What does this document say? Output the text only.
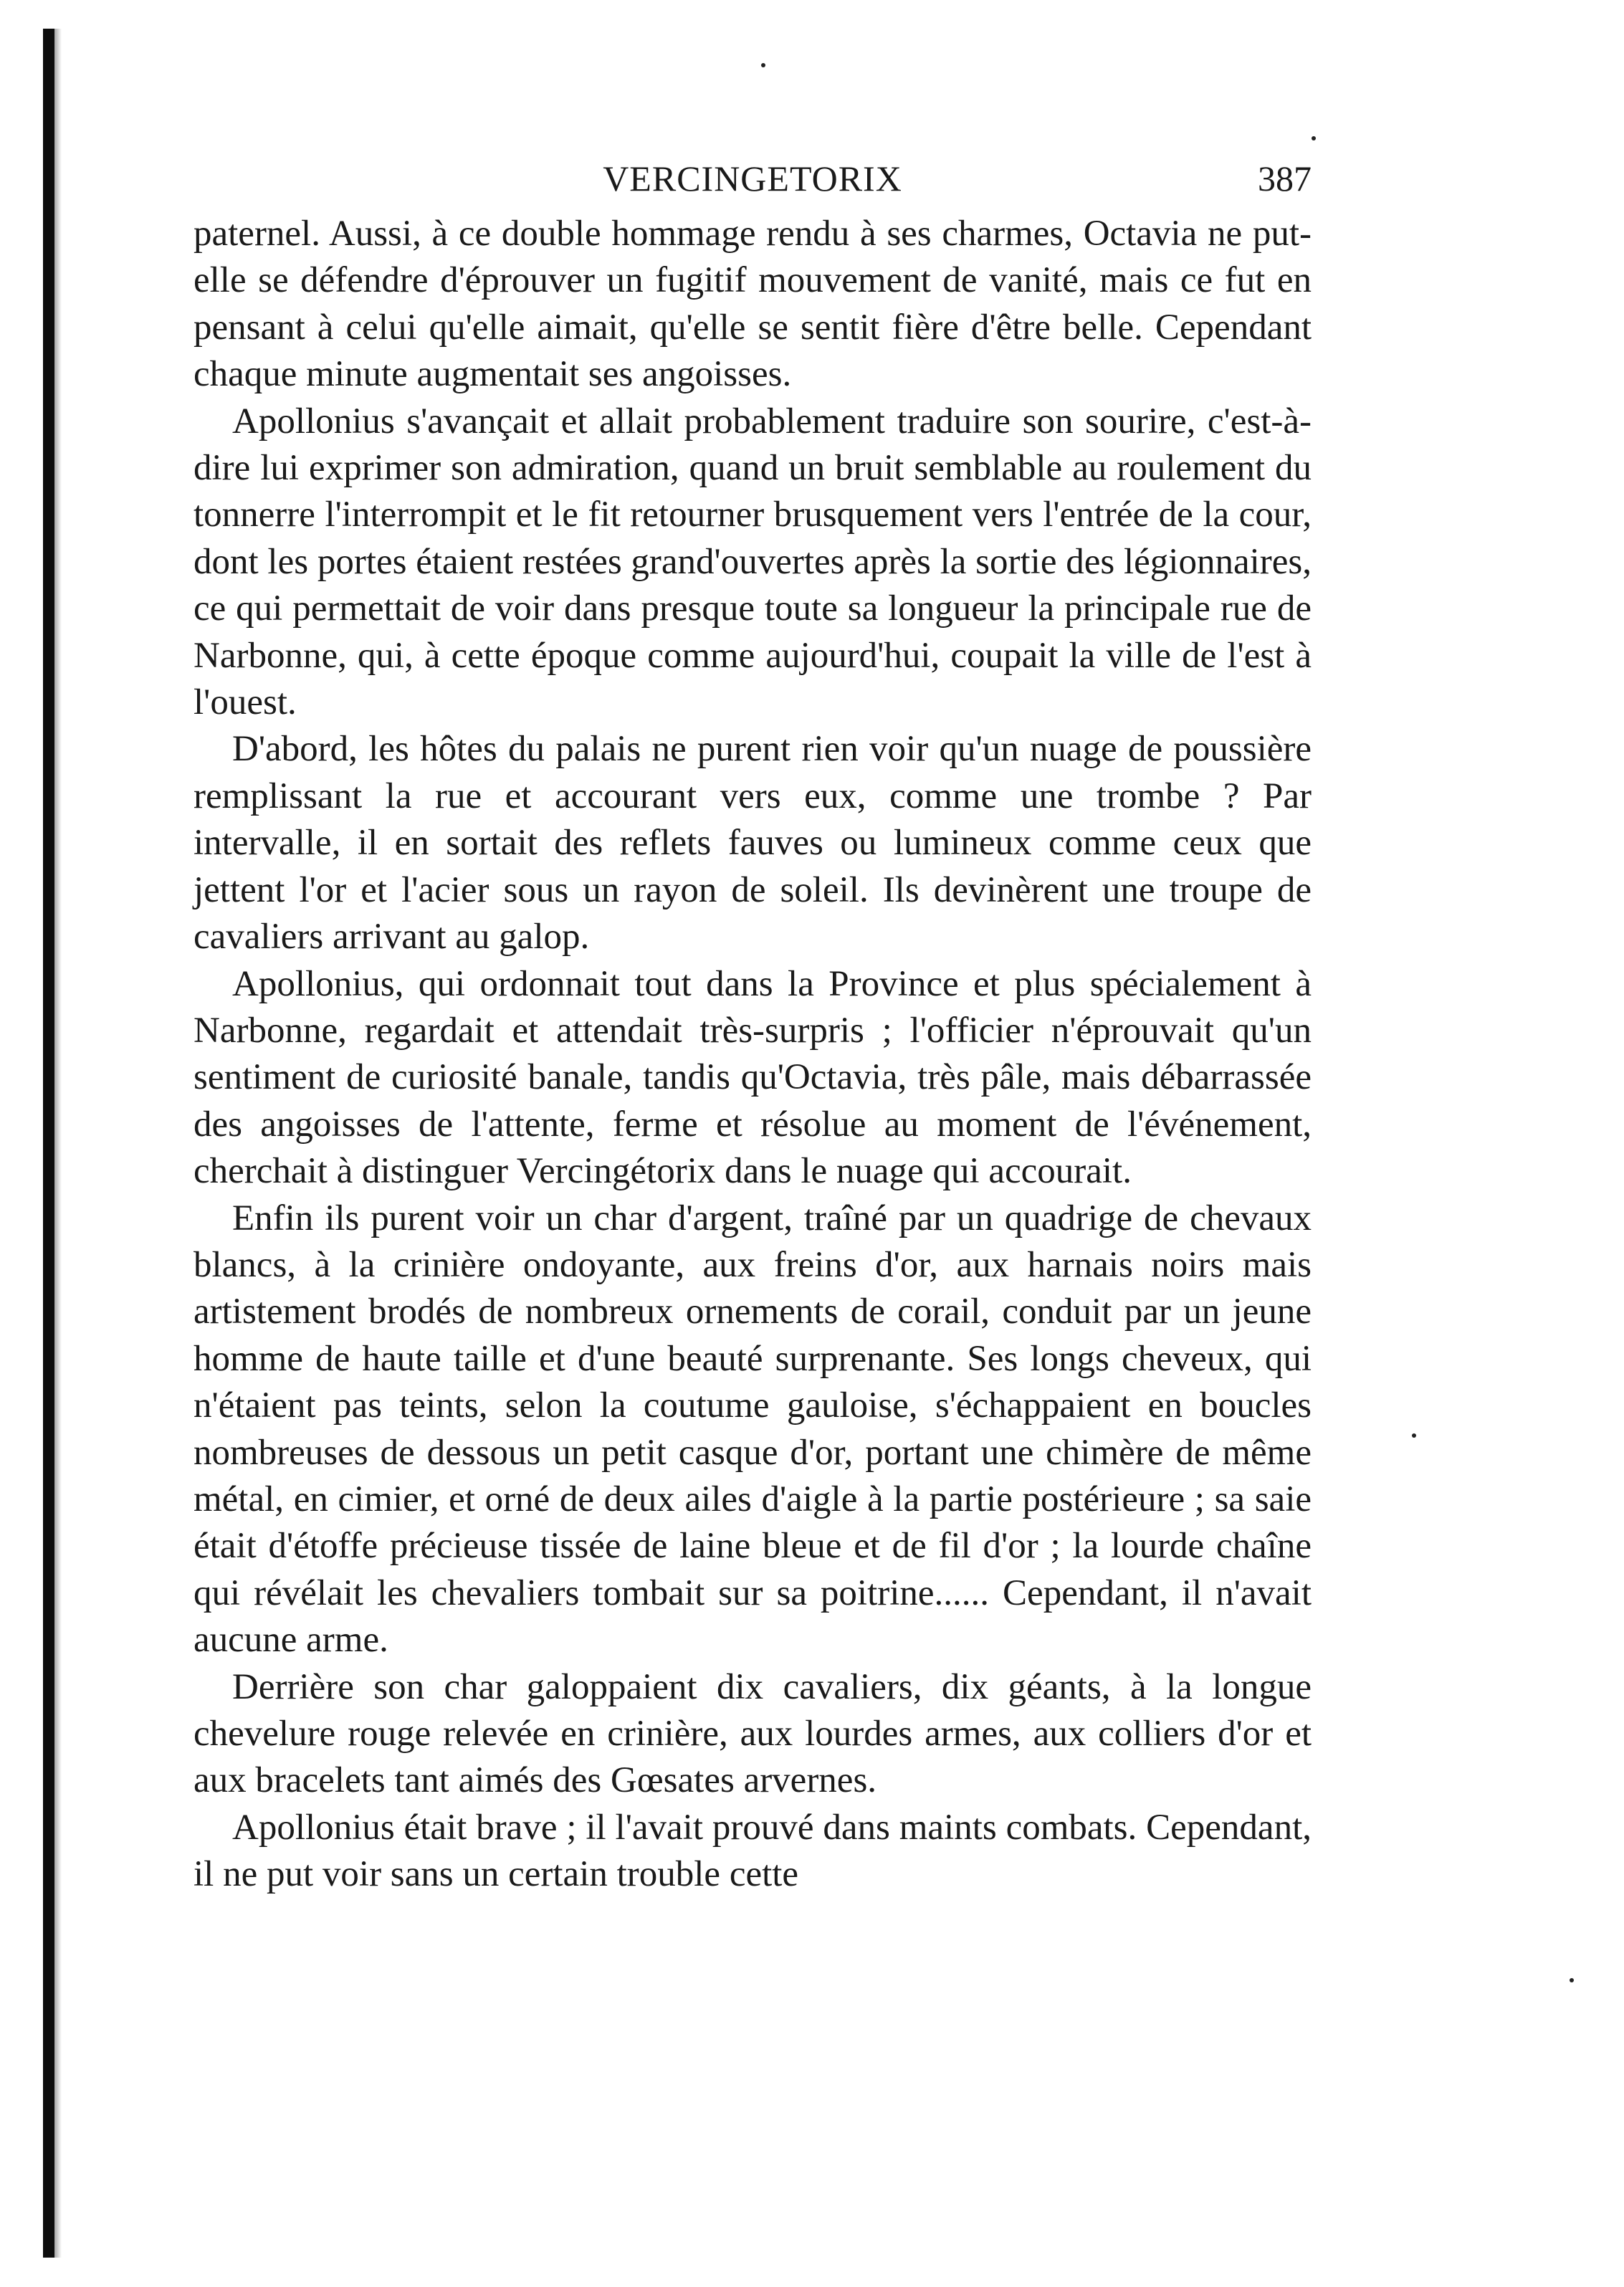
VERCINGETORIX	387

paternel. Aussi, à ce double hommage rendu à ses charmes, Octavia ne put-elle se défendre d'éprouver un fugitif mouvement de vanité, mais ce fut en pensant à celui qu'elle aimait, qu'elle se sentit fière d'être belle. Cependant chaque minute augmentait ses angoisses.

Apollonius s'avançait et allait probablement traduire son sourire, c'est-à-dire lui exprimer son admiration, quand un bruit semblable au roulement du tonnerre l'interrompit et le fit retourner brusquement vers l'entrée de la cour, dont les portes étaient restées grand'ouvertes après la sortie des légionnaires, ce qui permettait de voir dans presque toute sa longueur la principale rue de Narbonne, qui, à cette époque comme aujourd'hui, coupait la ville de l'est à l'ouest.

D'abord, les hôtes du palais ne purent rien voir qu'un nuage de poussière remplissant la rue et accourant vers eux, comme une trombe ? Par intervalle, il en sortait des reflets fauves ou lumineux comme ceux que jettent l'or et l'acier sous un rayon de soleil. Ils devinèrent une troupe de cavaliers arrivant au galop.

Apollonius, qui ordonnait tout dans la Province et plus spécialement à Narbonne, regardait et attendait très-surpris ; l'officier n'éprouvait qu'un sentiment de curiosité banale, tandis qu'Octavia, très pâle, mais débarrassée des angoisses de l'attente, ferme et résolue au moment de l'événement, cherchait à distinguer Vercingétorix dans le nuage qui accourait.

Enfin ils purent voir un char d'argent, traîné par un quadrige de chevaux blancs, à la crinière ondoyante, aux freins d'or, aux harnais noirs mais artistement brodés de nombreux ornements de corail, conduit par un jeune homme de haute taille et d'une beauté surprenante. Ses longs cheveux, qui n'étaient pas teints, selon la coutume gauloise, s'échappaient en boucles nombreuses de dessous un petit casque d'or, portant une chimère de même métal, en cimier, et orné de deux ailes d'aigle à la partie postérieure ; sa saie était d'étoffe précieuse tissée de laine bleue et de fil d'or ; la lourde chaîne qui révélait les chevaliers tombait sur sa poitrine...... Cependant, il n'avait aucune arme.

Derrière son char galoppaient dix cavaliers, dix géants, à la longue chevelure rouge relevée en crinière, aux lourdes armes, aux colliers d'or et aux bracelets tant aimés des Gœsates arvernes.

Apollonius était brave ; il l'avait prouvé dans maints combats. Cependant, il ne put voir sans un certain trouble cette
